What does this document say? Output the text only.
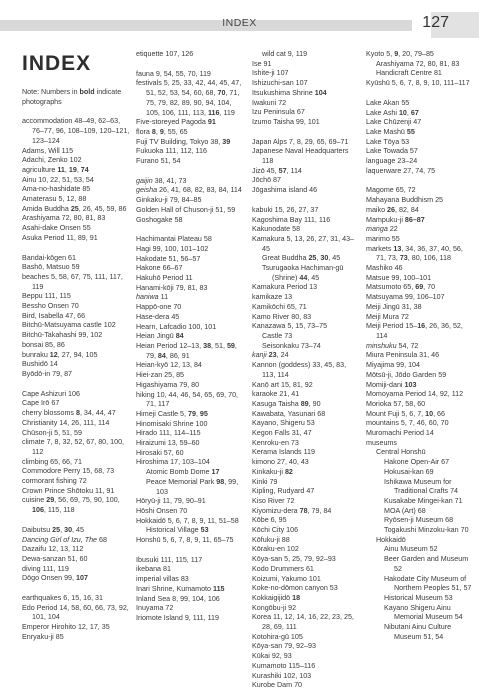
INDEX	127
INDEX
Note: Numbers in bold indicate photographs
accommodation 48–49, 62–63, 76–77, 96, 108–109, 120–121, 123–124
Adams, Will 115
Adachi, Zenko 102
agriculture 11, 19, 74
Ainu 10, 22, 51, 53, 54
Ama-no-hashidate 85
Amaterasu 5, 12, 88
Amida Buddha 25, 26, 45, 59, 86
Arashiyama 72, 80, 81, 83
Asahi-dake Onsen 55
Asuka Period 11, 89, 91
Bandai-kōgen 61
Bashō, Matsuo 59
beaches 5, 58, 67, 75, 111, 117, 119
Beppu 111, 115
Bessho Onsen 70
Bird, Isabella 47, 66
Bitchū-Matsuyama castle 102
Bitchū-Takahashi 99, 102
bonsai 85, 86
bunraku 12, 27, 94, 105
Bushidō 14
Byōdō-in 79, 87
Cape Ashizuri 106
Cape Irō 67
cherry blossoms 8, 34, 44, 47
Christianity 14, 26, 111, 114
Chūson-ji 5, 51, 59
climate 7, 8, 32, 52, 67, 80, 100, 112
climbing 65, 66, 71
Commodore Perry 15, 68, 73
cormorant fishing 72
Crown Prince Shōtoku 11, 91
cuisine 29, 56, 69, 75, 90, 100, 106, 115, 118
Daibutsu 25, 30, 45
Dancing Girl of Izu, The 68
Dazaifu 12, 13, 112
Dewa-sanzan 51, 60
diving 111, 119
Dōgo Onsen 99, 107
earthquakes 6, 15, 16, 31
Edo Period 14, 58, 60, 66, 73, 92, 101, 104
Emperor Hirohito 12, 17, 35
Enryaku-ji 85
etiquette 107, 126
fauna 9, 54, 55, 70, 119
festivals 5, 25, 33, 42, 44, 45, 47, 51, 52, 53, 54, 60, 68, 70, 71, 75, 79, 82, 89, 90, 94, 104, 105, 106, 111, 113, 116, 119
Five-storeyed Pagoda 91
flora 8, 9, 55, 65
Fuji TV Building, Tokyo 38, 39
Fukuoka 111, 112, 116
Furano 51, 54
gaijin 38, 41, 73
geisha 26, 41, 68, 82, 83, 84, 114
Ginkaku-ji 79, 84–85
Golden Hall of Chuson-ji 51, 59
Goshogake 58
Hachimantai Plateau 58
Hagi 99, 100, 101–102
Hakodate 51, 56–57
Hakone 66–67
Hakuhō Period 11
Hanami-kōji 79, 81, 83
haniwa 11
Happō-one 70
Hase-dera 45
Hearn, Lafcadio 100, 101
Heian Jingū 84
Heian Period 12–13, 38, 51, 59, 79, 84, 86, 91
Heian-kyō 12, 13, 84
Hiei-zan 25, 85
Higashiyama 79, 80
hiking 10, 44, 46, 54, 65, 69, 70, 71, 117
Himeji Castle 5, 79, 95
Hinomisaki Shrine 100
Hirado 111, 114–115
Hiraizumi 13, 59–60
Hirosaki 57, 60
Hiroshima 17, 103–104
Atomic Bomb Dome 17
Peace Memorial Park 98, 99, 103
Hōryū-ji 11, 79, 90–91
Hōshi Onsen 70
Hokkaidō 5, 6, 7, 8, 9, 11, 51–58
Historical Village 53
Honshū 5, 6, 7, 8, 9, 11, 65–75
Ibusuki 111, 115, 117
ikebana 81
imperial villas 83
Inari Shrine, Kumamoto 115
Inland Sea 8, 99, 104, 106
Inuyama 72
Iriomote Island 9, 111, 119
wild cat 9, 119
Ise 91
Ishite-ji 107
Ishizuchi-san 107
Itsukushima Shrine 104
Iwakuni 72
Izu Peninsula 67
Izumo Taisha 99, 101
Japan Alps 7, 8, 29, 65, 69–71
Japanese Naval Headquarters 118
Jizō 45, 57, 114
Jōchō 87
Jōgashima island 46
kabuki 15, 26, 27, 37
Kagoshima Bay 111, 116
Kakunodate 58
Kamakura 5, 13, 26, 27, 31, 43–45
Great Buddha 25, 30, 45
Tsurugaoka Hachiman-gū (Shrine) 44, 45
Kamakura Period 13
kamikaze 13
Kamikōchi 65, 71
Kamo River 80, 83
Kanazawa 5, 15, 73–75
Castle 73
Seisonkaku 73–74
kanji 23, 24
Kannon (goddess) 33, 45, 83, 113, 114
Kanō art 15, 81, 92
karaoke 21, 41
Kasuga Taisha 89, 90
Kawabata, Yasunari 68
Kayano, Shigeru 53
Kegon Falls 31, 47
Kenroku-en 73
Kerama Islands 119
kimono 27, 40, 43
Kinkaku-ji 82
Kinki 79
Kipling, Rudyard 47
Kiso River 72
Kiyomizu-dera 78, 79, 84
Kōbe 6, 95
Kōchi City 106
Kōfuku-ji 88
Kōraku-en 102
Kōya-san 5, 25, 79, 92–93
Kodo Drummers 61
Koizumi, Yakumo 101
Koke-no-dōmon canyon 53
Kokkaigijidō 18
Kongōbu-ji 92
Korea 11, 12, 14, 16, 22, 23, 25, 28, 69, 111
Kotohira-gū 105
Kōya-san 79, 92–93
Kūkai 92, 93
Kumamoto 115–116
Kurashiki 102, 103
Kurobe Dam 70
Kyoto 5, 9, 20, 79–85
Arashiyama 72, 80, 81, 83
Handicraft Centre 81
Kyūshū 5, 6, 7, 8, 9, 10, 111–117
Lake Akan 55
Lake Ashi 10, 67
Lake Chūzenji 47
Lake Mashū 55
Lake Tōya 53
Lake Towada 57
language 23–24
laquerware 27, 74, 75
Magome 65, 72
Mahayana Buddhism 25
maiko 26, 82, 84
Mampuku-ji 86–87
manga 22
marimo 55
markets 13, 34, 36, 37, 40, 56, 71, 73, 73, 80, 106, 118
Mashiko 46
Matsue 99, 100–101
Matsumoto 65, 69, 70
Matsuyama 99, 106–107
Meiji Jingū 31, 38
Meiji Mura 72
Meiji Period 15–16, 26, 36, 52, 114
minshuku 54, 72
Miura Peninsula 31, 46
Miyajima 99, 104
Mōtsū-ji, Jōdo Garden 59
Momiji-dani 103
Momoyama Period 14, 92, 112
Morioka 57, 58, 60
Mount Fuji 5, 6, 7, 10, 66
mountains 5, 7, 46, 60, 70
Muromachi Period 14
museums
Central Honshū
Hakone Open-Air 67
Hokusai-kan 69
Ishikawa Museum for Traditional Crafts 74
Kusakabe Mingei-kan 71
MOA (Art) 68
Ryōsen-ji Museum 68
Togakushi Minzoku-kan 70
Hokkaidō
Ainu Museum 52
Beer Garden and Museum 52
Hakodate City Museum of Northern Peoples 51, 57
Historical Museum 53
Kayano Shigeru Ainu Memorial Museum 54
Nibutani Ainu Culture Museum 51, 54
